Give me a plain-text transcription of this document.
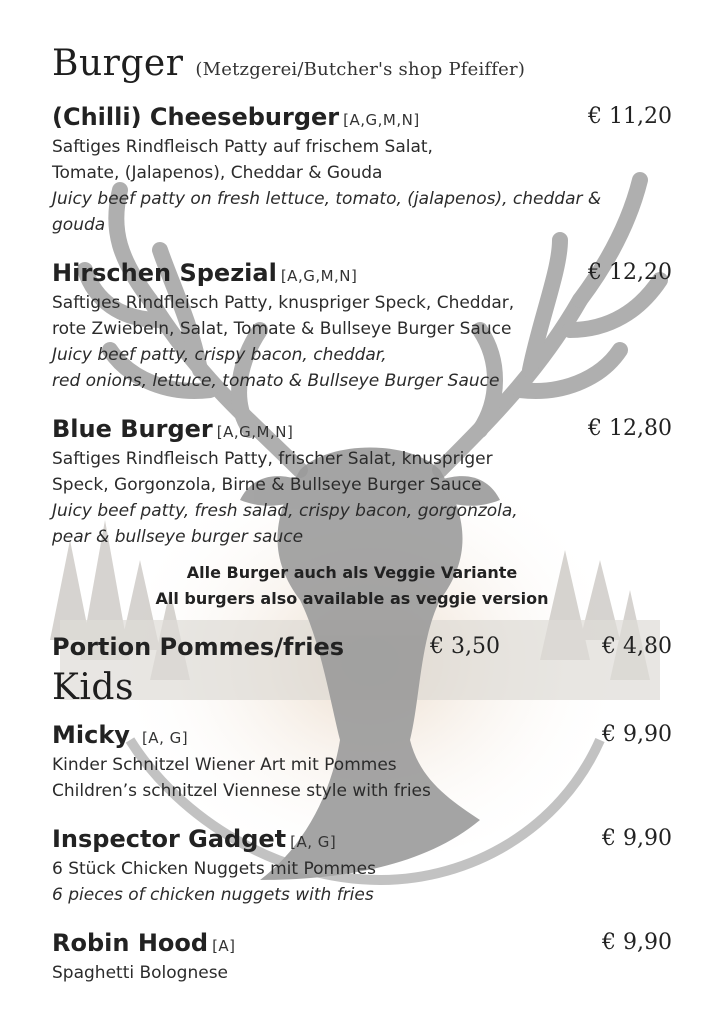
Burger (Metzgerei/Butcher's shop Pfeiffer)
(Chilli) Cheeseburger [A,G,M,N]	€ 11,20
Saftiges Rindfleisch Patty auf frischem Salat,
Tomate, (Jalapenos), Cheddar & Gouda
Juicy beef patty on fresh lettuce, tomato, (jalapenos), cheddar &
gouda
Hirschen Spezial [A,G,M,N]	€ 12,20
Saftiges Rindfleisch Patty, knuspriger Speck, Cheddar,
rote Zwiebeln, Salat, Tomate & Bullseye Burger Sauce
Juicy beef patty, crispy bacon, cheddar,
red onions, lettuce, tomato & Bullseye Burger Sauce
Blue Burger [A,G,M,N]	€ 12,80
Saftiges Rindfleisch Patty, frischer Salat, knuspriger
Speck, Gorgonzola, Birne & Bullseye Burger Sauce
Juicy beef patty, fresh salad, crispy bacon, gorgonzola,
pear & bullseye burger sauce
Alle Burger auch als Veggie Variante
All burgers also available as veggie version
Portion Pommes/fries	€ 3,50	€ 4,80
Kids
Micky [A, G]	€ 9,90
Kinder Schnitzel Wiener Art mit Pommes
Children’s schnitzel Viennese style with fries
Inspector Gadget [A, G]	€ 9,90
6 Stück Chicken Nuggets mit Pommes
6 pieces of chicken nuggets with fries
Robin Hood [A]	€ 9,90
Spaghetti Bolognese
